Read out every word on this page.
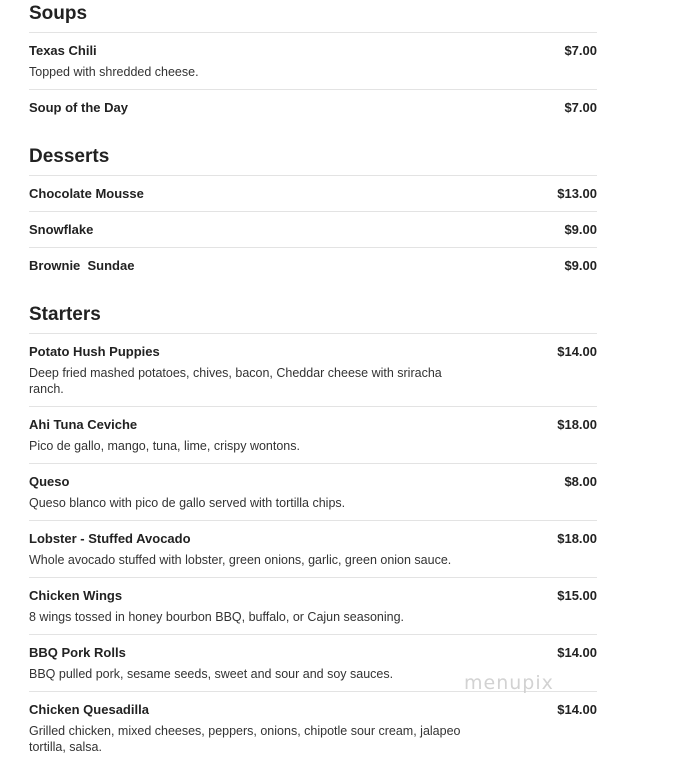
Soups
Texas Chili	$7.00
Topped with shredded cheese.
Soup of the Day	$7.00
Desserts
Chocolate Mousse	$13.00
Snowflake	$9.00
Brownie  Sundae	$9.00
Starters
Potato Hush Puppies	$14.00
Deep fried mashed potatoes, chives, bacon, Cheddar cheese with sriracha ranch.
Ahi Tuna Ceviche	$18.00
Pico de gallo, mango, tuna, lime, crispy wontons.
Queso	$8.00
Queso blanco with pico de gallo served with tortilla chips.
Lobster - Stuffed Avocado	$18.00
Whole avocado stuffed with lobster, green onions, garlic, green onion sauce.
Chicken Wings	$15.00
8 wings tossed in honey bourbon BBQ, buffalo, or Cajun seasoning.
BBQ Pork Rolls	$14.00
BBQ pulled pork, sesame seeds, sweet and sour and soy sauces.
Chicken Quesadilla	$14.00
Grilled chicken, mixed cheeses, peppers, onions, chipotle sour cream, jalapeo tortilla, salsa.
menupix
